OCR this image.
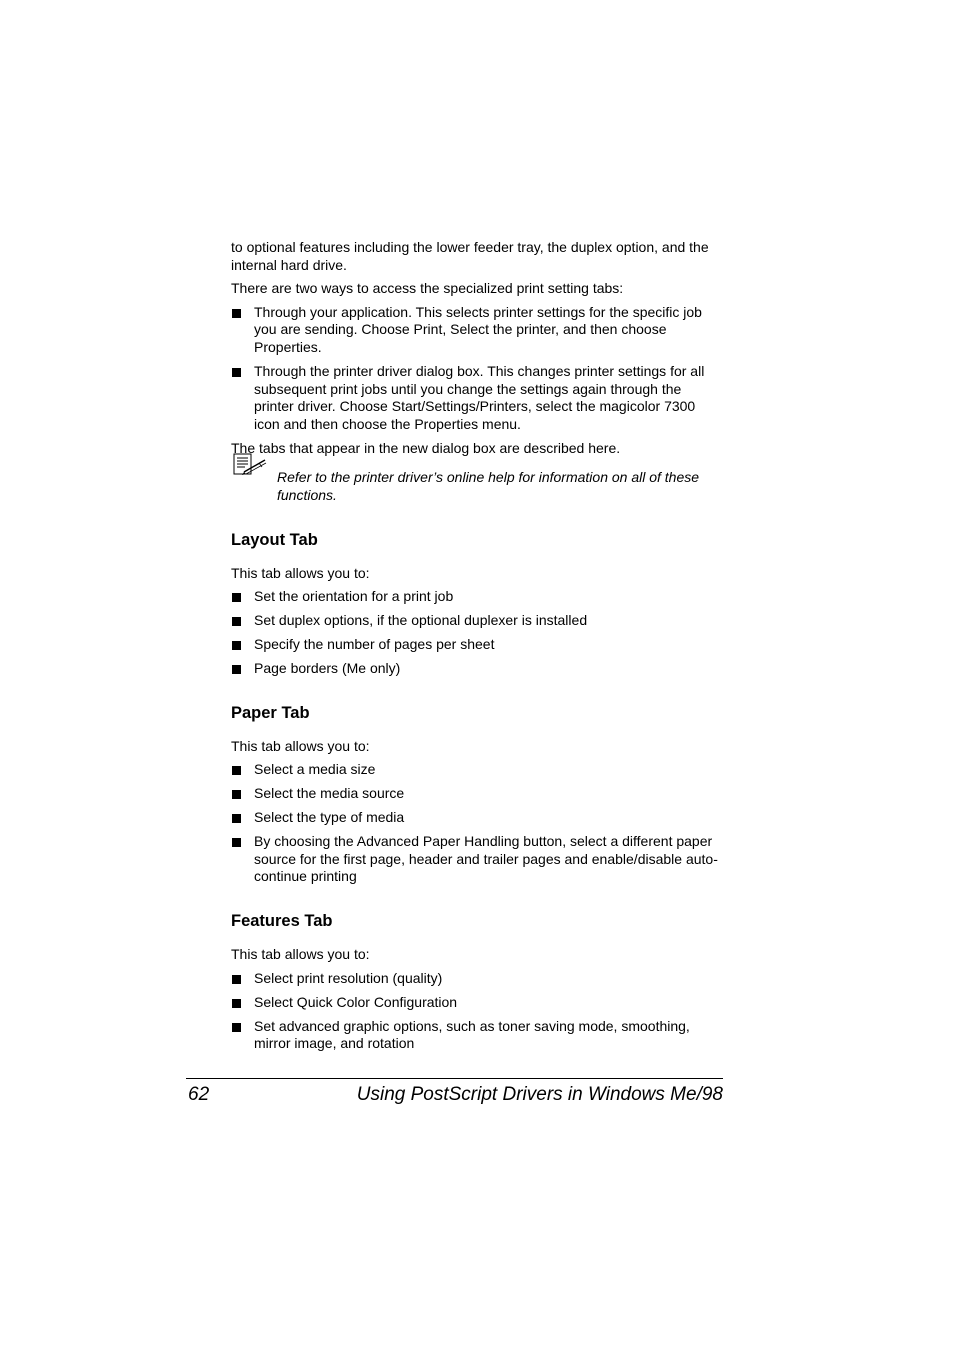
to optional features including the lower feeder tray, the duplex option, and the internal hard drive.

There are two ways to access the specialized print setting tabs:

Through your application. This selects printer settings for the specific job you are sending. Choose Print, Select the printer, and then choose Properties.
Through the printer driver dialog box. This changes printer settings for all subsequent print jobs until you change the settings again through the printer driver. Choose Start/Settings/Printers, select the magicolor 7300 icon and then choose the Properties menu.

The tabs that appear in the new dialog box are described here.

Refer to the printer driver’s online help for information on all of these functions.
Layout Tab

This tab allows you to:

Set the orientation for a print job
Set duplex options, if the optional duplexer is installed
Specify the number of pages per sheet
Page borders (Me only)
Paper Tab

This tab allows you to:

Select a media size
Select the media source
Select the type of media
By choosing the Advanced Paper Handling button, select a different paper source for the first page, header and trailer pages and enable/disable auto-continue printing
Features Tab

This tab allows you to:

Select print resolution (quality)
Select Quick Color Configuration
Set advanced graphic options, such as toner saving mode, smoothing, mirror image, and rotation
62	Using PostScript Drivers in Windows Me/98
